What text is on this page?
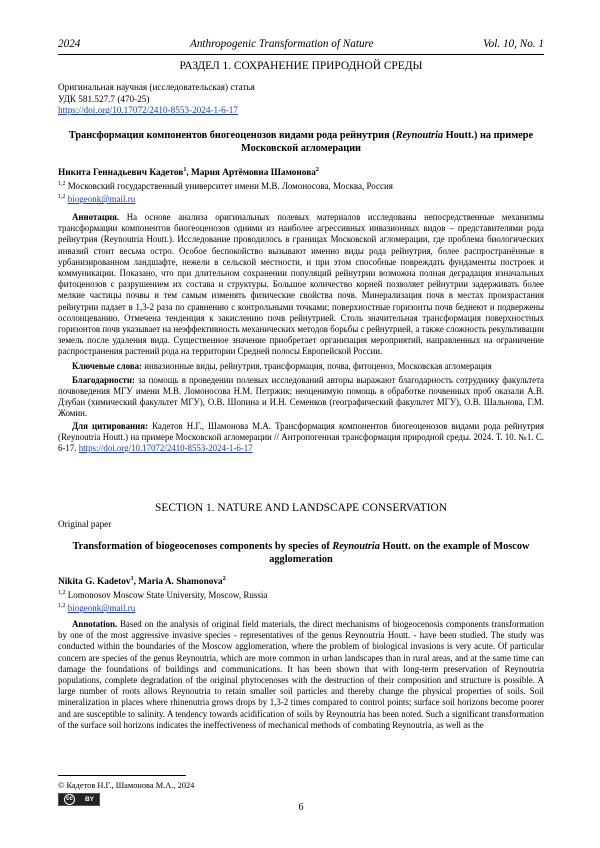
2024	Anthropogenic Transformation of Nature	Vol. 10, No. 1
РАЗДЕЛ 1. СОХРАНЕНИЕ ПРИРОДНОЙ СРЕДЫ
Оригинальная научная (исследовательская) статья
УДК 581.527.7 (470-25)
https://doi.org/10.17072/2410-8553-2024-1-6-17
Трансформация компонентов биогеоценозов видами рода рейнутрия (Reynoutria Houtt.) на примере Московской агломерации
Никита Геннадьевич Кадетов$^1$, Мария Артёмовна Шамонова$^2$
$^{1,2}$ Московский государственный университет имени М.В. Ломоносова, Москва, Россия
$^{1,2}$ biogeonk@mail.ru

Аннотация. На основе анализа оригинальных полевых материалов исследованы непосредственные механизмы трансформации компонентов биогеоценозов одними из наиболее агрессивных инвазионных видов – представителями рода рейнутрия (Reynoutria Houtt.). Исследование проводилось в границах Московской агломерации, где проблема биологических инвазий стоит весьма остро. Особое беспокойство вызывают именно виды рода рейнутрия, более распространённые в урбанизированном ландшафте, нежели в сельской местности, и при этом способные повреждать фундаменты построек и коммуникации. Показано, что при длительном сохранении популяций рейнутрии возможна полная деградация изначальных фитоценозов с разрушением их состава и структуры. Большое количество корней позволяет рейнутрии задерживать более мелкие частицы почвы и тем самым изменять физические свойства почв. Минерализация почв в местах произрастания рейнутрии падает в 1,3-2 раза по сравнению с контрольными точками; поверхностные горизонты почв беднеют и подвержены осолонцеванию. Отмечена тенденция к закислению почв рейнутрией. Столь значительная трансформация поверхностных горизонтов почв указывает на неэффективность механических методов борьбы с рейнутрией, а также сложность рекультивации земель после удаления вида. Существенное значение приобретает организация мероприятий, направленных на ограничение распространения растений рода на территории Средней полосы Европейской России.

Ключевые слова: инвазионные виды, рейнутрия, трансформация, почва, фитоценоз, Московская агломерация

Благодарности: за помощь в проведении полевых исследований авторы выражают благодарность сотруднику факультета почвоведения МГУ имени М.В. Ломоносова Н.М. Петржик; неоценимую помощь в обработке почвенных проб оказали А.В. Дзубан (химический факультет МГУ), О.В. Шопина и И.Н. Семенков (географический факультет МГУ), О.В. Шальнова, Г.М. Жомин.

Для цитирования: Кадетов Н.Г., Шамонова М.А. Трансформация компонентов биогеоценозов видами рода рейнутрия (Reynoutria Houtt.) на примере Московской агломерации // Антропогенная трансформация природной среды. 2024. Т. 10. №1. С. 6-17. https://doi.org/10.17072/2410-8553-2024-1-6-17

SECTION 1. NATURE AND LANDSCAPE CONSERVATION
Original paper
Transformation of biogeocenoses components by species of Reynoutria Houtt. on the example of Moscow agglomeration
Nikita G. Kadetov$^1$, Maria A. Shamonova$^2$
$^{1,2}$ Lomonosov Moscow State University, Moscow, Russia
$^{1,2}$ biogeonk@mail.ru

Annotation. Based on the analysis of original field materials, the direct mechanisms of biogeocenosis components transformation by one of the most aggressive invasive species - representatives of the genus Reynoutria Houtt. - have been studied. The study was conducted within the boundaries of the Moscow agglomeration, where the problem of biological invasions is very acute. Of particular concern are species of the genus Reynoutria, which are more common in urban landscapes than in rural areas, and at the same time can damage the foundations of buildings and communications. It has been shown that with long-term preservation of Reynoutria populations, complete degradation of the original phytocenoses with the destruction of their composition and structure is possible. A large number of roots allows Reynoutria to retain smaller soil particles and thereby change the physical properties of soils. Soil mineralization in places where rhinenutria grows drops by 1,3-2 times compared to control points; surface soil horizons become poorer and are susceptible to salinity. A tendency towards acidification of soils by Reynoutria has been noted. Such a significant transformation of the surface soil horizons indicates the ineffectiveness of mechanical methods of combating Reynoutria, as well as the

© Кадетов Н.Г., Шамонова М.А., 2024
cc	BY
6
